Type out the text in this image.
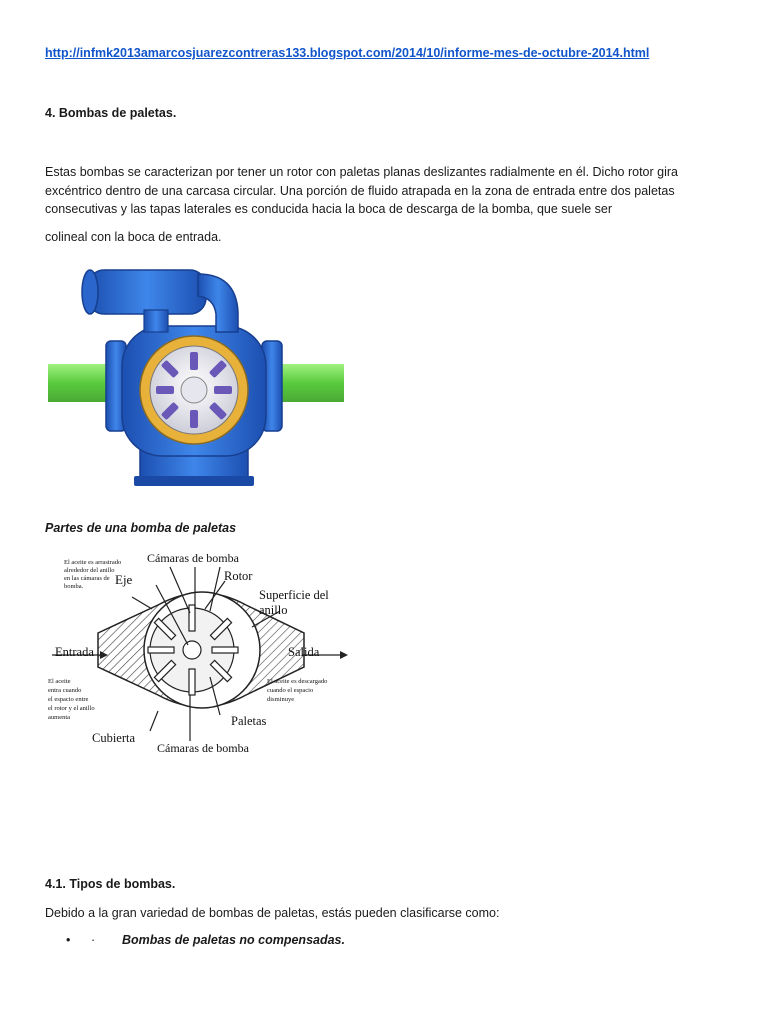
http://infmk2013amarcosjuarezcontreras133.blogspot.com/2014/10/informe-mes-de-octubre-2014.html
4. Bombas de paletas.

Estas bombas se caracterizan por tener un rotor con paletas planas deslizantes radialmente en él. Dicho rotor gira

excéntrico dentro de una carcasa circular. Una porción de fluido atrapada en la zona de entrada entre dos paletas

consecutivas y las tapas laterales es conducida hacia la boca de descarga de la bomba, que suele ser

colineal con la boca de entrada.
Partes de una bomba de paletas
Cámaras de bomba
Eje	Rotor
Superficie del
anillo
Entrada	Salida
Paletas
Cubierta
Cámaras de bomba
El aceite es arrastrado
alrededor del anillo
en las cámaras de
bomba.
El aceite
entra cuando
el espacio entre
el rotor y el anillo
aumenta
El aceite es descargado
cuando el espacio
disminuye
4.1. Tipos de bombas.
Debido a la gran variedad de bombas de paletas, estás pueden clasificarse como:
• · Bombas de paletas no compensadas.
